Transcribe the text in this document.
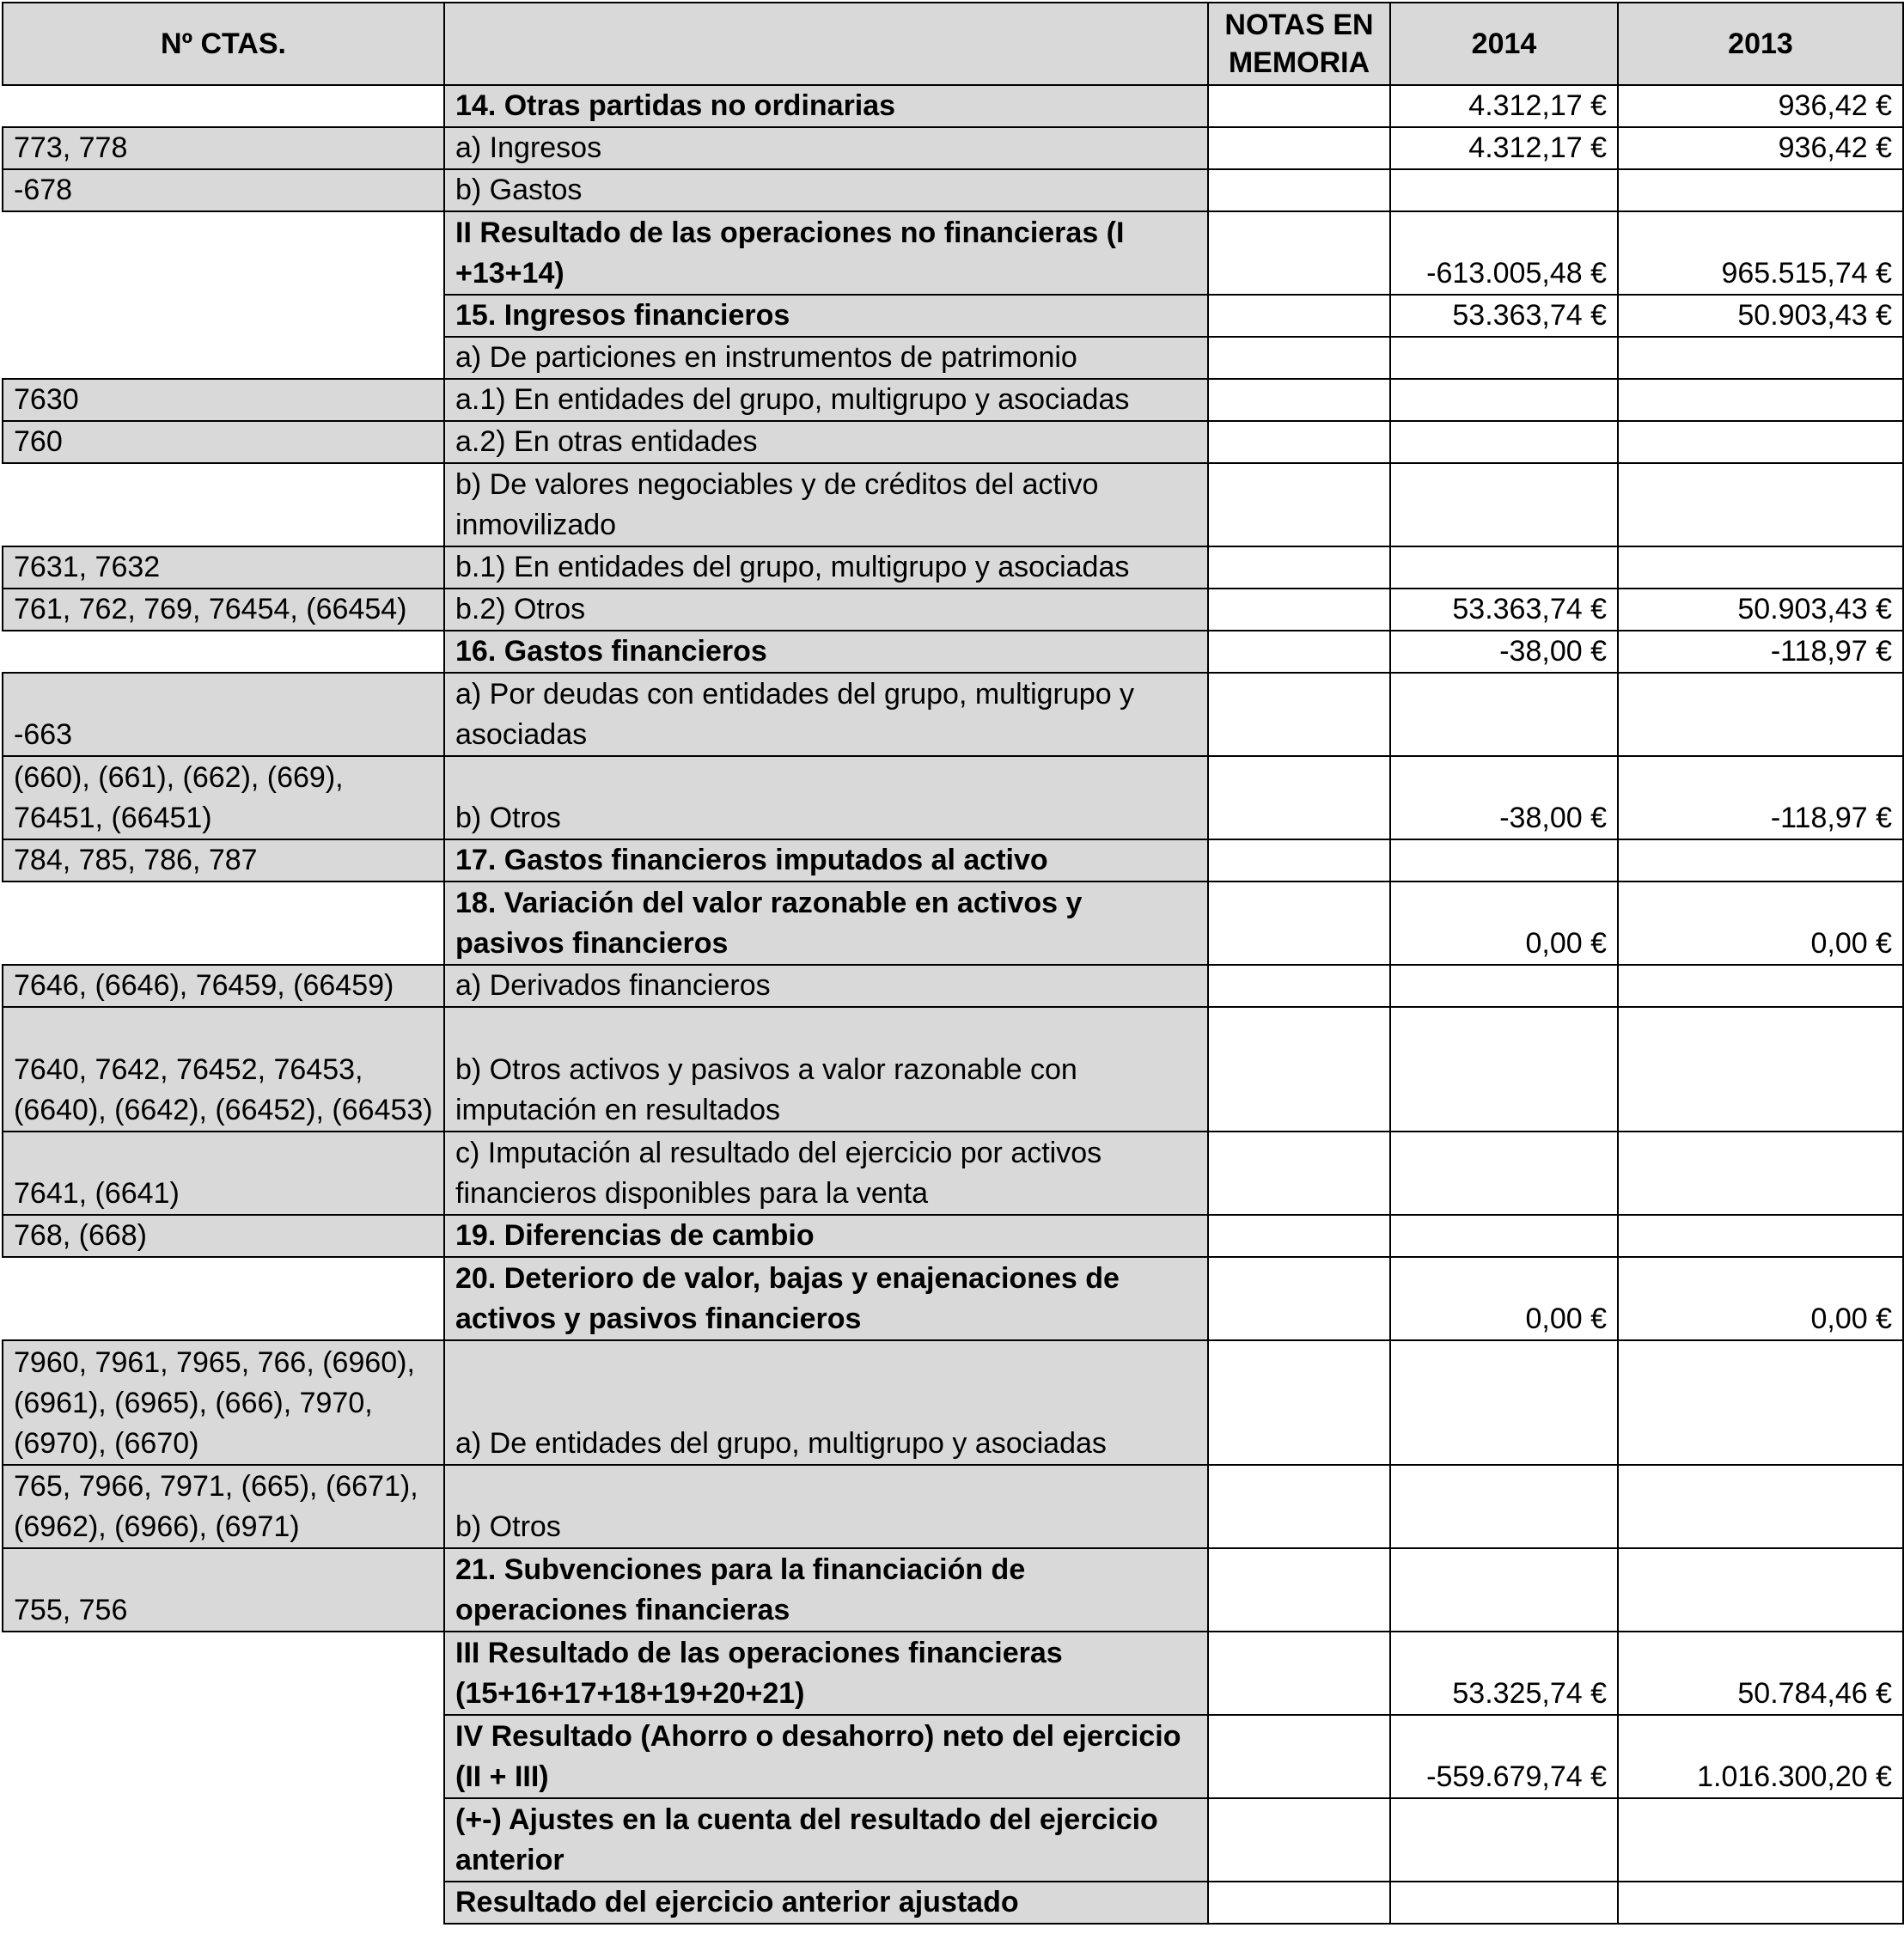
Nº CTAS.		NOTAS EN MEMORIA	2014	2013
	14. Otras partidas no ordinarias		4.312,17 €	936,42 €
773, 778	a) Ingresos		4.312,17 €	936,42 €
-678	b) Gastos			
	II Resultado de las operaciones no financieras (I +13+14)		-613.005,48 €	965.515,74 €
	15. Ingresos financieros		53.363,74 €	50.903,43 €
	a) De particiones en instrumentos de patrimonio			
7630	a.1) En entidades del grupo, multigrupo y asociadas			
760	a.2) En otras entidades			
	b) De valores negociables y de créditos del activo inmovilizado			
7631, 7632	b.1) En entidades del grupo, multigrupo y asociadas			
761, 762, 769, 76454, (66454)	b.2) Otros		53.363,74 €	50.903,43 €
	16. Gastos financieros		-38,00 €	-118,97 €
-663	a) Por deudas con entidades del grupo, multigrupo y asociadas			
(660), (661), (662), (669), 76451, (66451)	b) Otros		-38,00 €	-118,97 €
784, 785, 786, 787	17. Gastos financieros imputados al activo			
	18. Variación del valor razonable en activos y pasivos financieros		0,00 €	0,00 €
7646, (6646), 76459, (66459)	a) Derivados financieros			
7640, 7642, 76452, 76453, (6640), (6642), (66452), (66453)	b) Otros activos y pasivos a valor razonable con imputación en resultados			
7641, (6641)	c) Imputación al resultado del ejercicio por activos financieros disponibles para la venta			
768, (668)	19. Diferencias de cambio			
	20. Deterioro de valor, bajas y enajenaciones de activos y pasivos financieros		0,00 €	0,00 €
7960, 7961, 7965, 766, (6960), (6961), (6965), (666), 7970, (6970), (6670)	a) De entidades del grupo, multigrupo y asociadas			
765, 7966, 7971, (665), (6671), (6962), (6966), (6971)	b) Otros			
755, 756	21. Subvenciones para la financiación de operaciones financieras			
	III Resultado de las operaciones financieras (15+16+17+18+19+20+21)		53.325,74 €	50.784,46 €
	IV Resultado (Ahorro o desahorro) neto del ejercicio (II + III)		-559.679,74 €	1.016.300,20 €
	(+-) Ajustes en la cuenta del resultado del ejercicio anterior			
	Resultado del ejercicio anterior ajustado			
